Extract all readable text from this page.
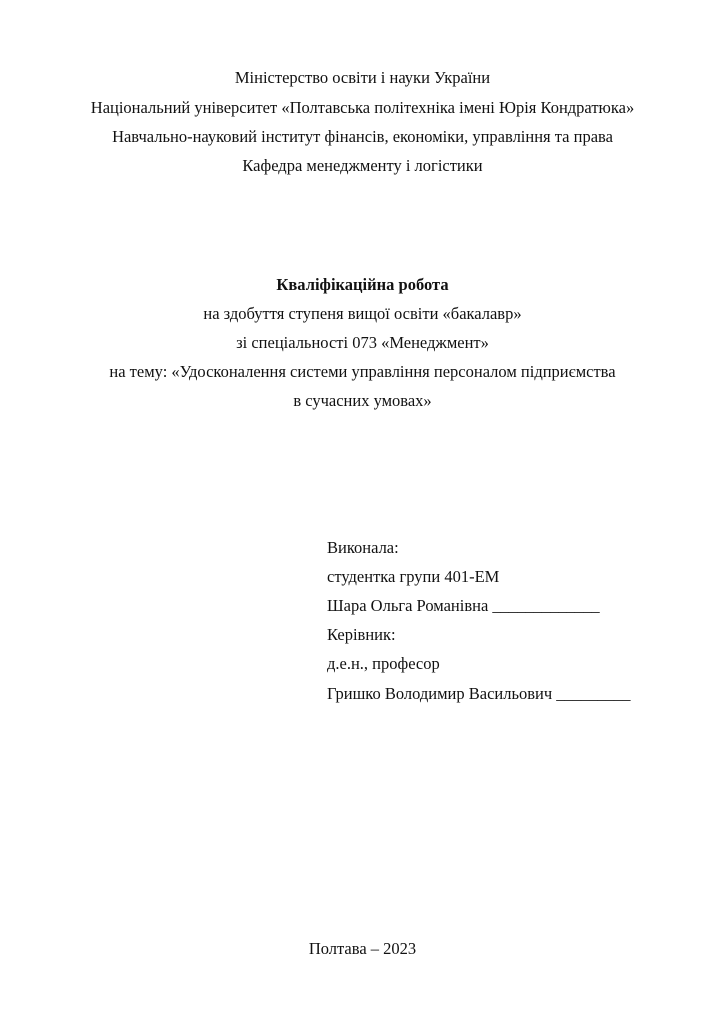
Міністерство освіти і науки України
Національний університет «Полтавська політехніка імені Юрія Кондратюка»
Навчально-науковий інститут фінансів, економіки, управління та права
Кафедра менеджменту і логістики
Кваліфікаційна робота
на здобуття ступеня вищої освіти «бакалавр»
зі спеціальності 073 «Менеджмент»
на тему: «Удосконалення системи управління персоналом підприємства
в сучасних умовах»
Виконала:
студентка групи 401-ЕМ
Шара Ольга Романівна _____________
Керівник:
д.е.н., професор
Гришко Володимир Васильович _________
Полтава – 2023
